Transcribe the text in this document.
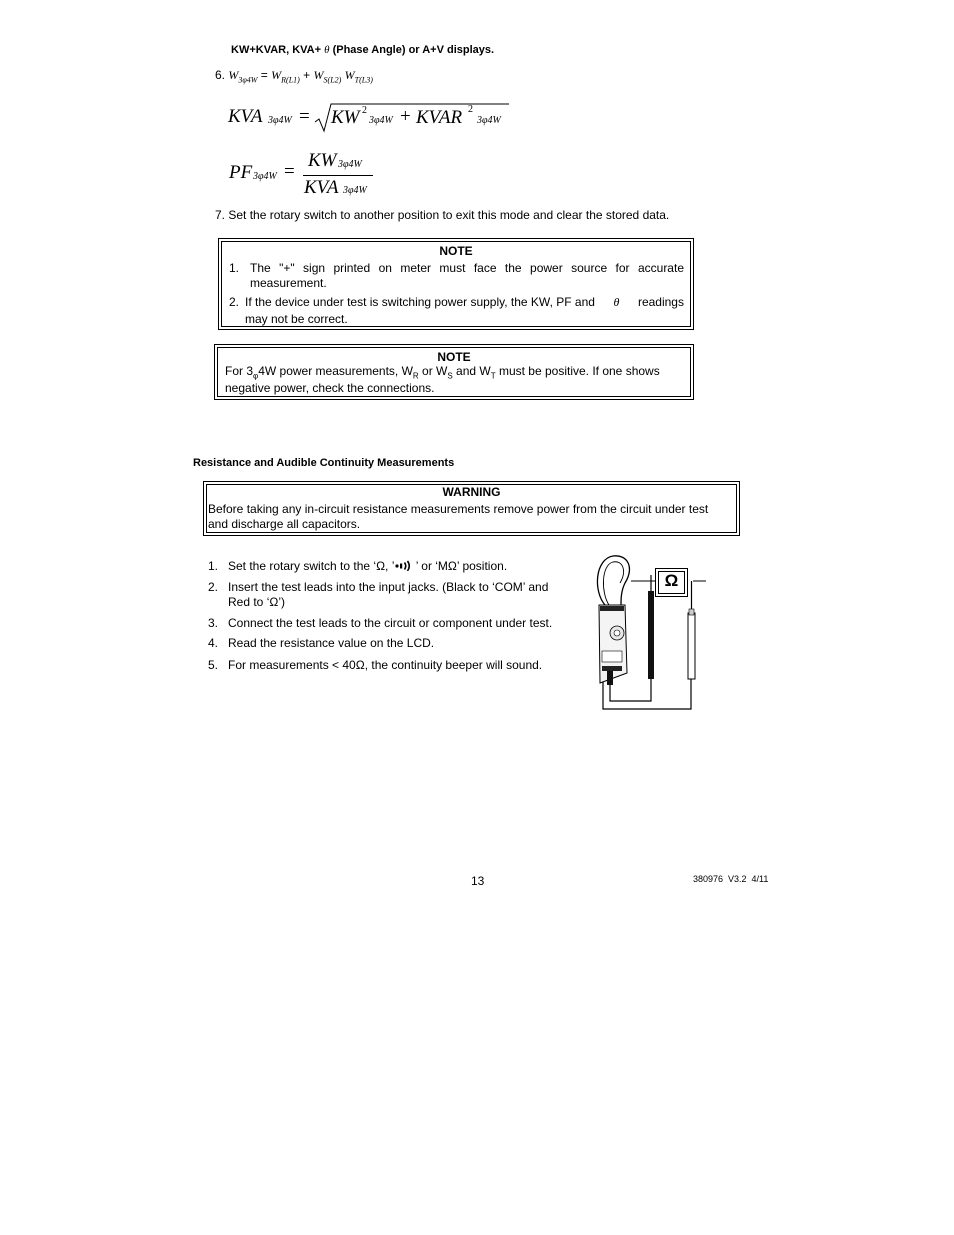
KW+KVAR, KVA+ θ (Phase Angle) or A+V displays.
6. $W_{3\varphi 4W} = W_{R(L1)} + W_{S(L2)}$ $W_{T(L3)}$
KVA 3φ4W = KW 2
3φ4W + KVAR 2
3φ4W
PF 3φ4W =
KW 3φ4W
KVA 3φ4W
7. Set the rotary switch to another position to exit this mode and clear the stored data.
NOTE
1. The "+" sign printed on meter must face the power source for accurate measurement.
2. If the device under test is switching power supply, the KW, PF and θ readings
may not be correct.
NOTE
For $3_\varphi 4W$ power measurements, $W_R$ or $W_S$ and $W_T$ must be positive. If one shows
negative power, check the connections.
Resistance and Audible Continuity Measurements
WARNING
Before taking any in-circuit resistance measurements remove power from the circuit under test
and discharge all capacitors.
1. Set the rotary switch to the ‘Ω, ’ ’ or ‘MΩ’ position.
2. Insert the test leads into the input jacks. (Black to ‘COM’ and
Red to ‘Ω’)
3. Connect the test leads to the circuit or component under test.
4. Read the resistance value on the LCD.
5. For measurements < 40Ω, the continuity beeper will sound.
Ω
13	380976  V3.2  4/11
